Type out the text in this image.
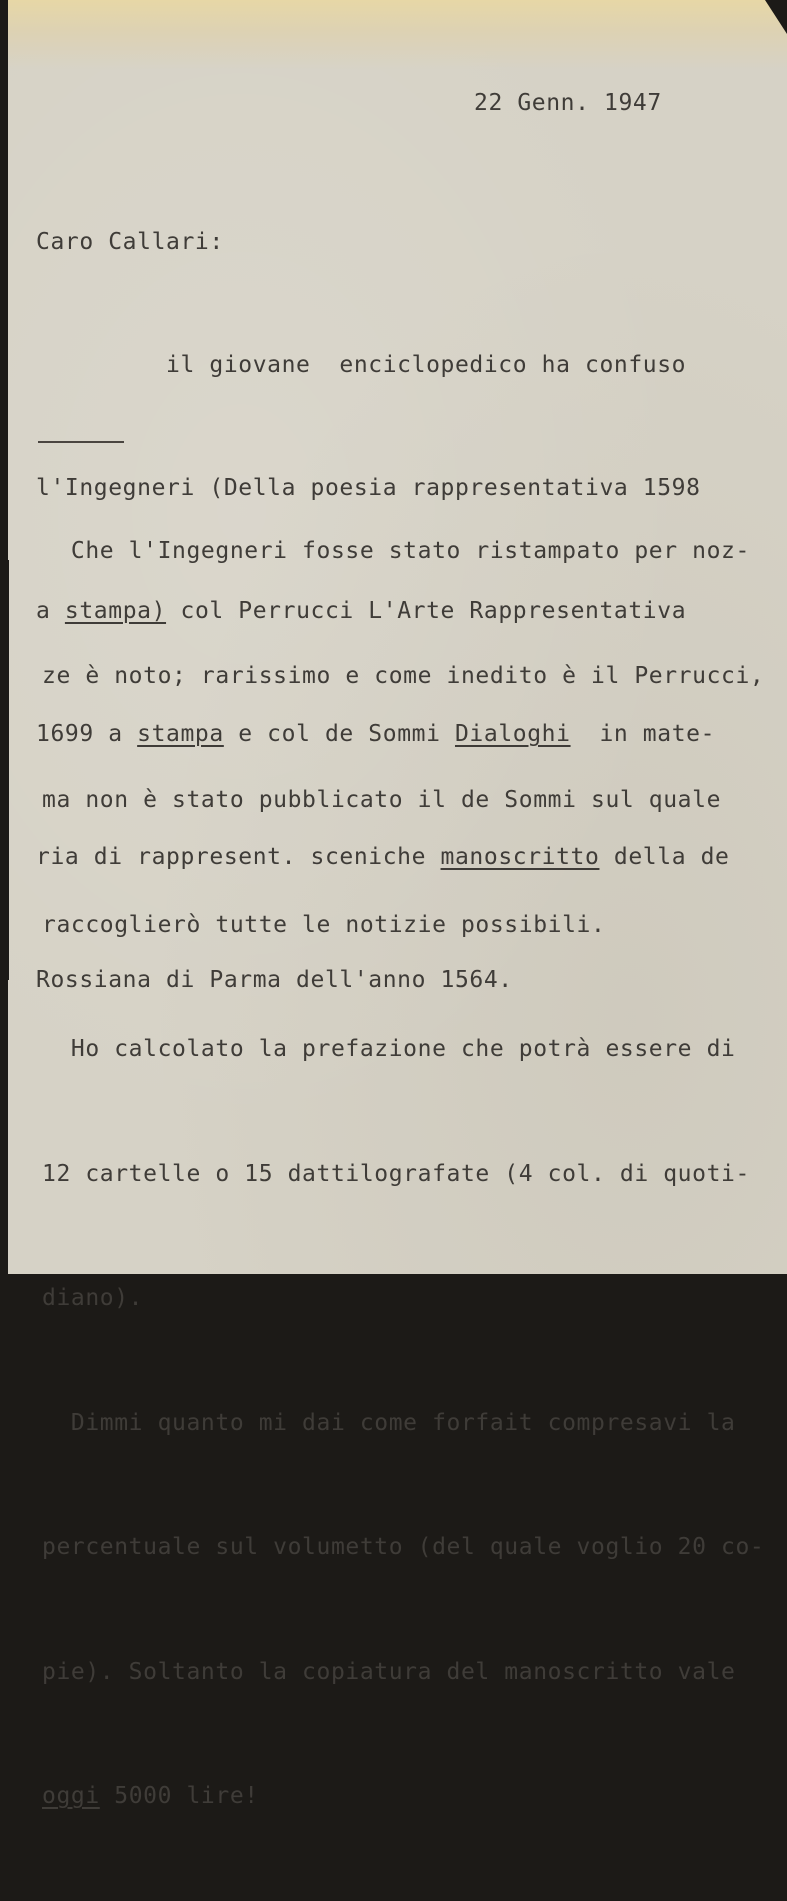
22 Genn. 1947

Caro Callari:

il giovane  enciclopedico ha confuso

l'Ingegneri (Della poesia rappresentativa 1598

a stampa) col Perrucci L'Arte Rappresentativa

1699 a stampa e col de Sommi Dialoghi  in mate-

ria di rappresent. sceniche manoscritto della de

Rossiana di Parma dell'anno 1564.

Che l'Ingegneri fosse stato ristampato per noz-

ze è noto; rarissimo e come inedito è il Perrucci,

ma non è stato pubblicato il de Sommi sul quale

raccoglierò tutte le notizie possibili.

Ho calcolato la prefazione che potrà essere di

12 cartelle o 15 dattilografate (4 col. di quoti-

diano).

Dimmi quanto mi dai come forfait compresavi la

percentuale sul volumetto (del quale voglio 20 co-

pie). Soltanto la copiatura del manoscritto vale

oggi 5000 lire!
